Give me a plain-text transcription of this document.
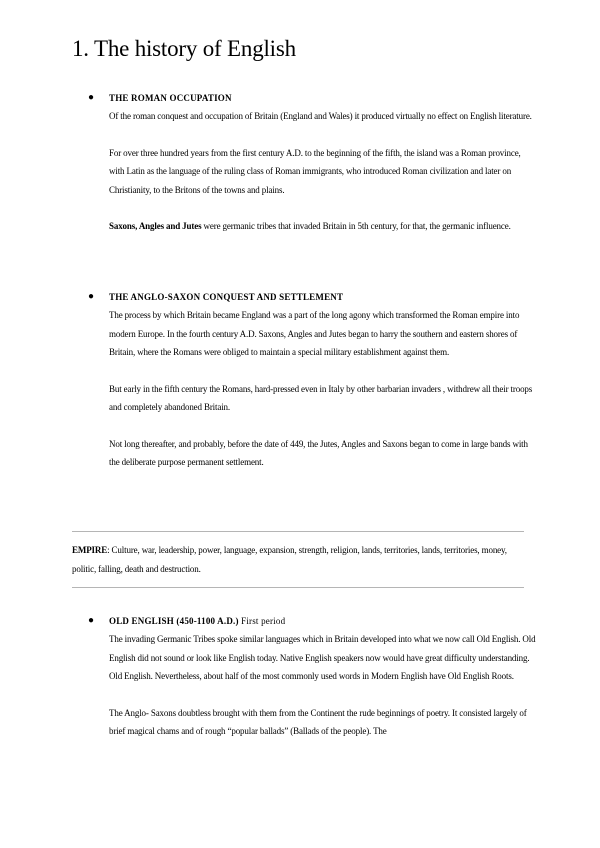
1. The history of English
● THE ROMAN OCCUPATION

Of the roman conquest and occupation of Britain (England and Wales) it produced virtually no effect on English literature.

For over three hundred years from the first century A.D. to the beginning of the fifth, the island was a Roman province, with Latin as the language of the ruling class of Roman immigrants, who introduced Roman civilization and later on Christianity, to the Britons of the towns and plains.

Saxons, Angles and Jutes were germanic tribes that invaded Britain in 5th century, for that, the germanic influence.

● THE ANGLO-SAXON CONQUEST AND SETTLEMENT

The process by which Britain became England was a part of the long agony which transformed the Roman empire into modern Europe. In the fourth century A.D. Saxons, Angles and Jutes began to harry the southern and eastern shores of Britain, where the Romans were obliged to maintain a special military establishment against them.

But early in the fifth century the Romans, hard-pressed even in Italy by other barbarian invaders , withdrew all their troops and completely abandoned Britain.

Not long thereafter, and probably, before the date of 449, the Jutes, Angles and Saxons began to come in large bands with the deliberate purpose permanent settlement.

EMPIRE: Culture, war, leadership, power, language, expansion, strength, religion, lands, territories, lands, territories, money, politic, falling, death and destruction.

● OLD ENGLISH (450-1100 A.D.) First period

The invading Germanic Tribes spoke similar languages which in Britain developed into what we now call Old English. Old English did not sound or look like English today. Native English speakers now would have great difficulty understanding. Old English. Nevertheless, about half of the most commonly used words in Modern English have Old English Roots.

The Anglo- Saxons doubtless brought with them from the Continent the rude beginnings of poetry. It consisted largely of brief magical chams and of rough “popular ballads” (Ballads of the people). The
